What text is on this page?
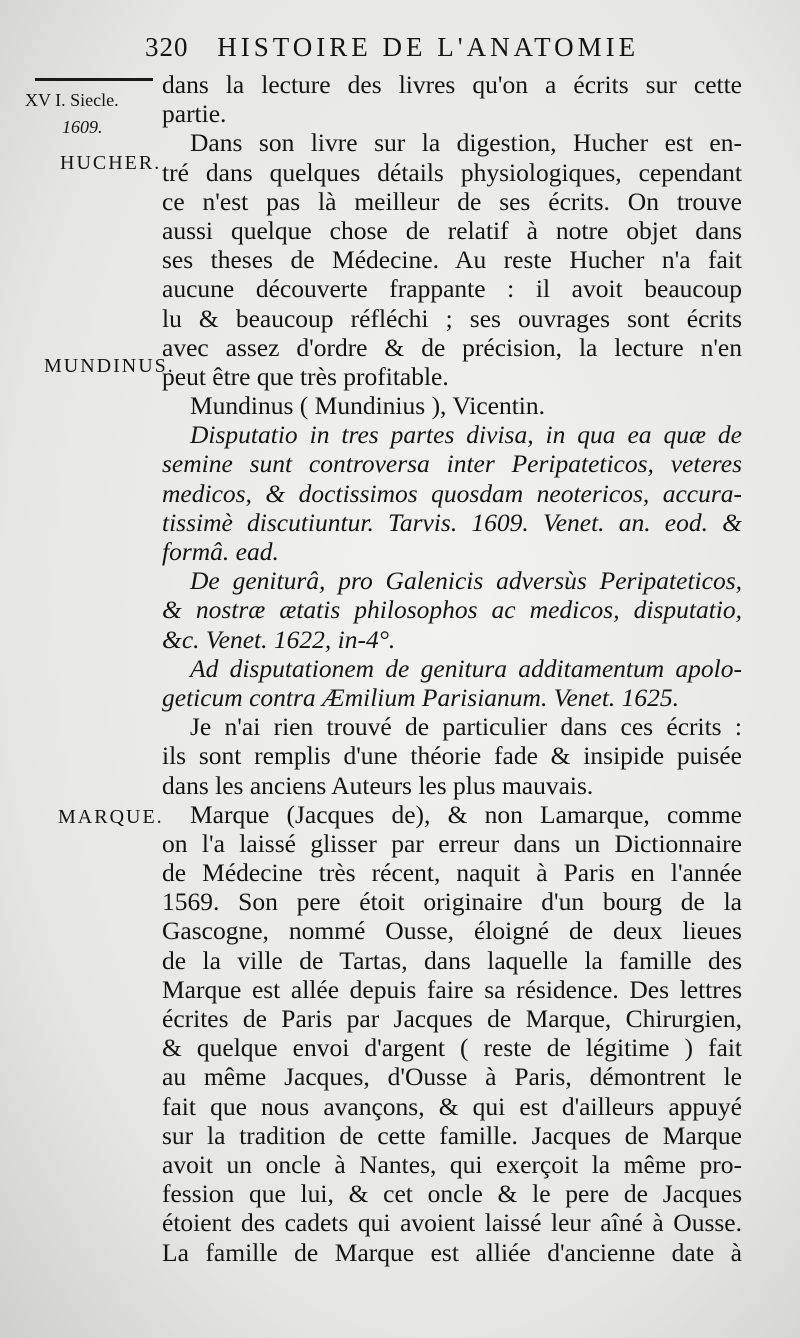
320 HISTOIRE DE L'ANATOMIE
XV I. Siecle.
1609.
HUCHER.
MUNDINUS.
MARQUE.
dans la lecture des livres qu'on a écrits sur cette
partie.
Dans son livre sur la digestion, Hucher est en-
tré dans quelques détails physiologiques, cependant
ce n'est pas là meilleur de ses écrits. On trouve
aussi quelque chose de relatif à notre objet dans
ses theses de Médecine. Au reste Hucher n'a fait
aucune découverte frappante : il avoit beaucoup
lu & beaucoup réfléchi ; ses ouvrages sont écrits
avec assez d'ordre & de précision, la lecture n'en
peut être que très profitable.
Mundinus ( Mundinius ), Vicentin.
Disputatio in tres partes divisa, in qua ea quæ de
semine sunt controversa inter Peripateticos, veteres
medicos, & doctissimos quosdam neotericos, accura-
tissimè discutiuntur. Tarvis. 1609. Venet. an. eod. &
formâ. ead.
De geniturâ, pro Galenicis adversùs Peripateticos,
& nostræ ætatis philosophos ac medicos, disputatio,
&c. Venet. 1622, in-4°.
Ad disputationem de genitura additamentum apolo-
geticum contra Æmilium Parisianum. Venet. 1625.
Je n'ai rien trouvé de particulier dans ces écrits :
ils sont remplis d'une théorie fade & insipide puisée
dans les anciens Auteurs les plus mauvais.
Marque (Jacques de), & non Lamarque, comme
on l'a laissé glisser par erreur dans un Dictionnaire
de Médecine très récent, naquit à Paris en l'année
1569. Son pere étoit originaire d'un bourg de la
Gascogne, nommé Ousse, éloigné de deux lieues
de la ville de Tartas, dans laquelle la famille des
Marque est allée depuis faire sa résidence. Des lettres
écrites de Paris par Jacques de Marque, Chirurgien,
& quelque envoi d'argent ( reste de légitime ) fait
au même Jacques, d'Ousse à Paris, démontrent le
fait que nous avançons, & qui est d'ailleurs appuyé
sur la tradition de cette famille. Jacques de Marque
avoit un oncle à Nantes, qui exerçoit la même pro-
fession que lui, & cet oncle & le pere de Jacques
étoient des cadets qui avoient laissé leur aîné à Ousse.
La famille de Marque est alliée d'ancienne date à
